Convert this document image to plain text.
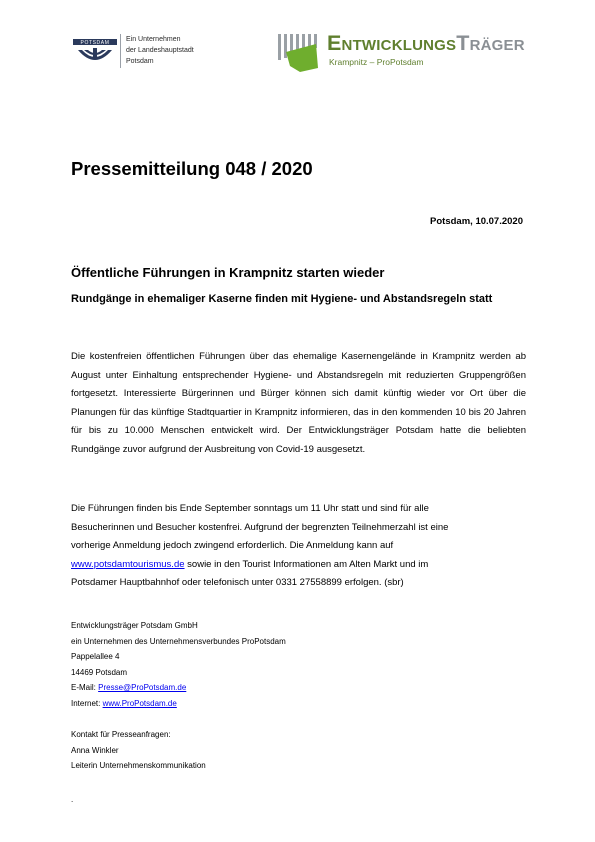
POTSDAM
Ein Unternehmen
der Landeshauptstadt
Potsdam
EntwicklungsTräger
Krampnitz – ProPotsdam
Pressemitteilung 048 / 2020
Potsdam, 10.07.2020
Öffentliche Führungen in Krampnitz starten wieder
Rundgänge in ehemaliger Kaserne finden mit Hygiene- und Abstandsregeln statt
Die kostenfreien öffentlichen Führungen über das ehemalige Kasernengelände in Krampnitz werden ab August unter Einhaltung entsprechender Hygiene- und Abstandsregeln mit reduzierten Gruppengrößen fortgesetzt. Interessierte Bürgerinnen und Bürger können sich damit künftig wieder vor Ort über die Planungen für das künftige Stadtquartier in Krampnitz informieren, das in den kommenden 10 bis 20 Jahren für bis zu 10.000 Menschen entwickelt wird. Der Entwicklungsträger Potsdam hatte die beliebten Rundgänge zuvor aufgrund der Ausbreitung von Covid-19 ausgesetzt.
Die Führungen finden bis Ende September sonntags um 11 Uhr statt und sind für alle
Besucherinnen und Besucher kostenfrei. Aufgrund der begrenzten Teilnehmerzahl ist eine
vorherige Anmeldung jedoch zwingend erforderlich. Die Anmeldung kann auf
www.potsdamtourismus.de sowie in den Tourist Informationen am Alten Markt und im
Potsdamer Hauptbahnhof oder telefonisch unter 0331 27558899 erfolgen. (sbr)
Entwicklungsträger Potsdam GmbH
ein Unternehmen des Unternehmensverbundes ProPotsdam
Pappelallee 4
14469 Potsdam
E-Mail: Presse@ProPotsdam.de
Internet: www.ProPotsdam.de
Kontakt für Presseanfragen:
Anna Winkler
Leiterin Unternehmenskommunikation
.
